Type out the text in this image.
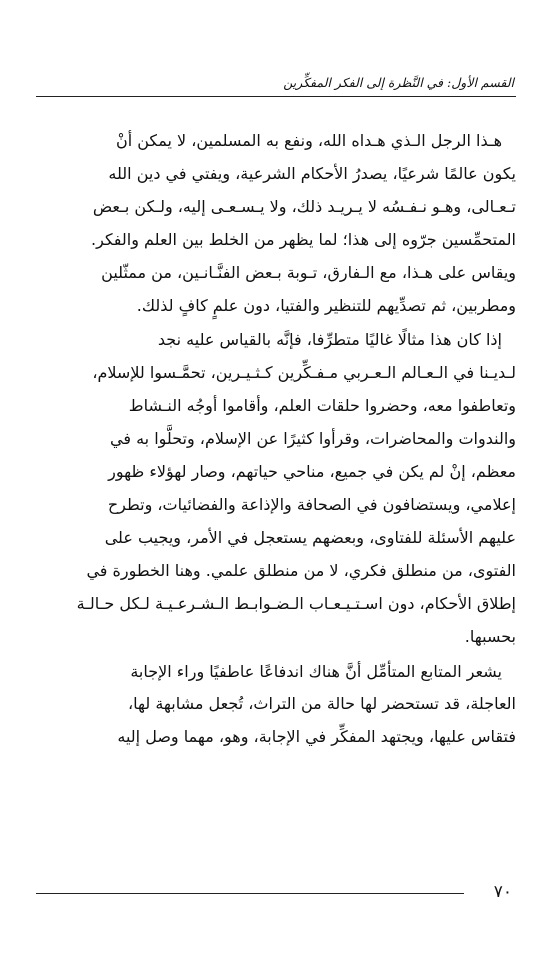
القسم الأول: في النَّظرة إلى الفكر المفكِّرين

هـذا الرجل الـذي هـداه الله، ونفع به المسلمين، لا يمكن أنْ
يكون عالمًا شرعيًا، يصدرُ الأحكام الشرعية، ويفتي في دين الله
تـعـالى، وهـو نـفـسُه لا يـريـد ذلك، ولا يـسـعـى إليه، ولـكن بـعض
المتحمِّسين جرّوه إلى هذا؛ لما يظهر من الخلط بين العلم والفكر.
ويقاس على هـذا، مع الـفارق، تـوبة بـعض الفنَّـانـين، من ممثّلين
ومطربين، ثم تصدِّيهم للتنظير والفتيا، دون علمٍ كافٍ لذلك.

إذا كان هذا مثالًا غاليًا متطرِّفا، فإنَّه بالقياس عليه نجد
لـديـنا في الـعـالم الـعـربي مـفـكِّرين كـثـيـرين، تحمَّـسوا للإسلام،
وتعاطفوا معه، وحضروا حلقات العلم، وأقاموا أوجُه النـشاط
والندوات والمحاضرات، وقرأوا كثيرًا عن الإسلام، وتحلَّوا به في
معظم، إنْ لم يكن في جميع، مناحي حياتهم، وصار لهؤلاء ظهور
إعلامي، ويستضافون في الصحافة والإذاعة والفضائيات، وتطرح
عليهم الأسئلة للفتاوى، وبعضهم يستعجل في الأمر، ويجيب على
الفتوى، من منطلق فكري، لا من منطلق علمي. وهنا الخطورة في
إطلاق الأحكام، دون اسـتـيـعـاب الـضـوابـط الـشـرعـيـة لـكل حـالـة
بحسبها.

يشعر المتابع المتأمِّل أنَّ هناك اندفاعًا عاطفيًا وراء الإجابة
العاجلة، قد تستحضر لها حالة من التراث، تُجعل مشابهة لها،
فتقاس عليها، ويجتهد المفكِّر في الإجابة، وهو، مهما وصل إليه

٧٠
